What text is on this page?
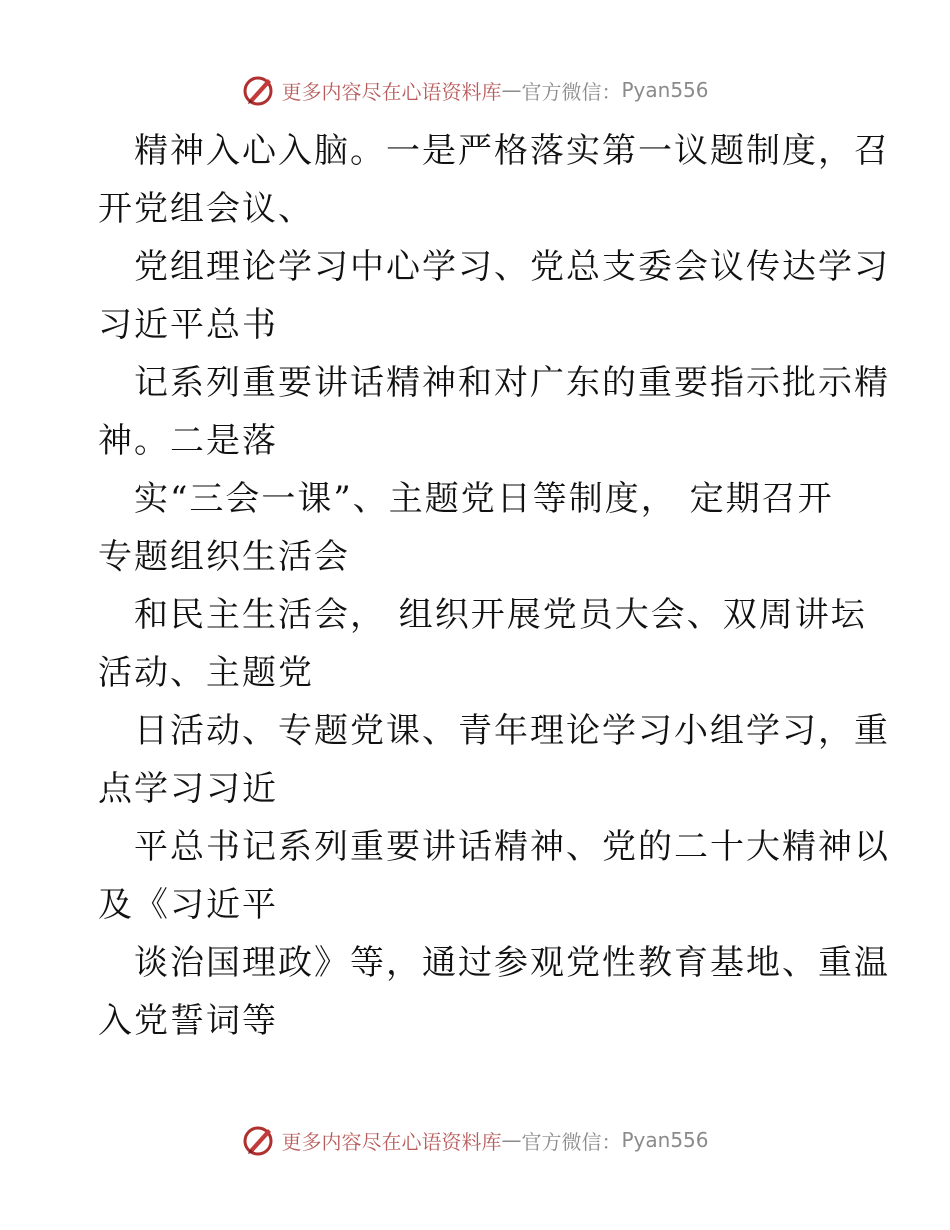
更多内容尽在心语资料库 — 官方微信： Pyan556
精神入心入脑。一是严格落实第一议题制度，召
开党组会议、
党组理论学习中心学习、党总支委会议传达学习
习近平总书
记系列重要讲话精神和对广东的重要指示批示精
神。二是落
实“三会一课”、主题党日等制度， 定期召开
专题组织生活会
和民主生活会， 组织开展党员大会、双周讲坛
活动、主题党
日活动、专题党课、青年理论学习小组学习，重
点学习习近
平总书记系列重要讲话精神、党的二十大精神以
及《习近平
谈治国理政》等，通过参观党性教育基地、重温
入党誓词等
更多内容尽在心语资料库 — 官方微信： Pyan556
